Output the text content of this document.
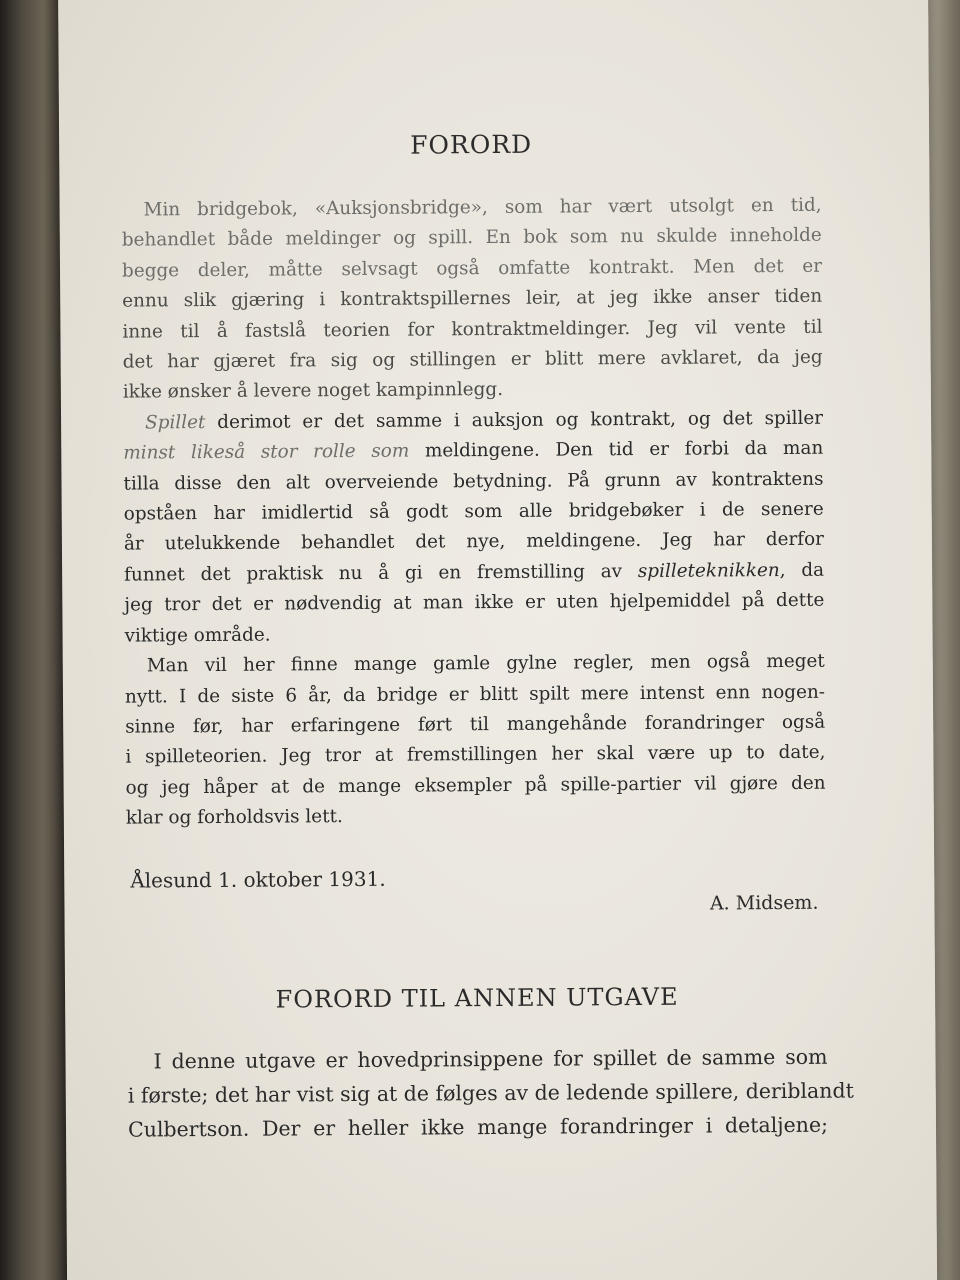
FORORD

Min bridgebok, «Auksjonsbridge», som har vært utsolgt en tid,
behandlet både meldinger og spill. En bok som nu skulde inneholde
begge deler, måtte selvsagt også omfatte kontrakt. Men det er
ennu slik gjæring i kontraktspillernes leir, at jeg ikke anser tiden
inne til å fastslå teorien for kontraktmeldinger. Jeg vil vente til
det har gjæret fra sig og stillingen er blitt mere avklaret, da jeg
ikke ønsker å levere noget kampinnlegg.

Spillet derimot er det samme i auksjon og kontrakt, og det spiller
minst likeså stor rolle som meldingene. Den tid er forbi da man
tilla disse den alt overveiende betydning. På grunn av kontraktens
opståen har imidlertid så godt som alle bridgebøker i de senere
år utelukkende behandlet det nye, meldingene. Jeg har derfor
funnet det praktisk nu å gi en fremstilling av spilleteknikken, da
jeg tror det er nødvendig at man ikke er uten hjelpemiddel på dette
viktige område.

Man vil her finne mange gamle gylne regler, men også meget
nytt. I de siste 6 år, da bridge er blitt spilt mere intenst enn nogen-
sinne før, har erfaringene ført til mangehånde forandringer også
i spilleteorien. Jeg tror at fremstillingen her skal være up to date,
og jeg håper at de mange eksempler på spille-partier vil gjøre den
klar og forholdsvis lett.

Ålesund 1. oktober 1931.
A. Midsem.
FORORD TIL ANNEN UTGAVE

I denne utgave er hovedprinsippene for spillet de samme som
i første; det har vist sig at de følges av de ledende spillere, deriblandt
Culbertson. Der er heller ikke mange forandringer i detaljene;
